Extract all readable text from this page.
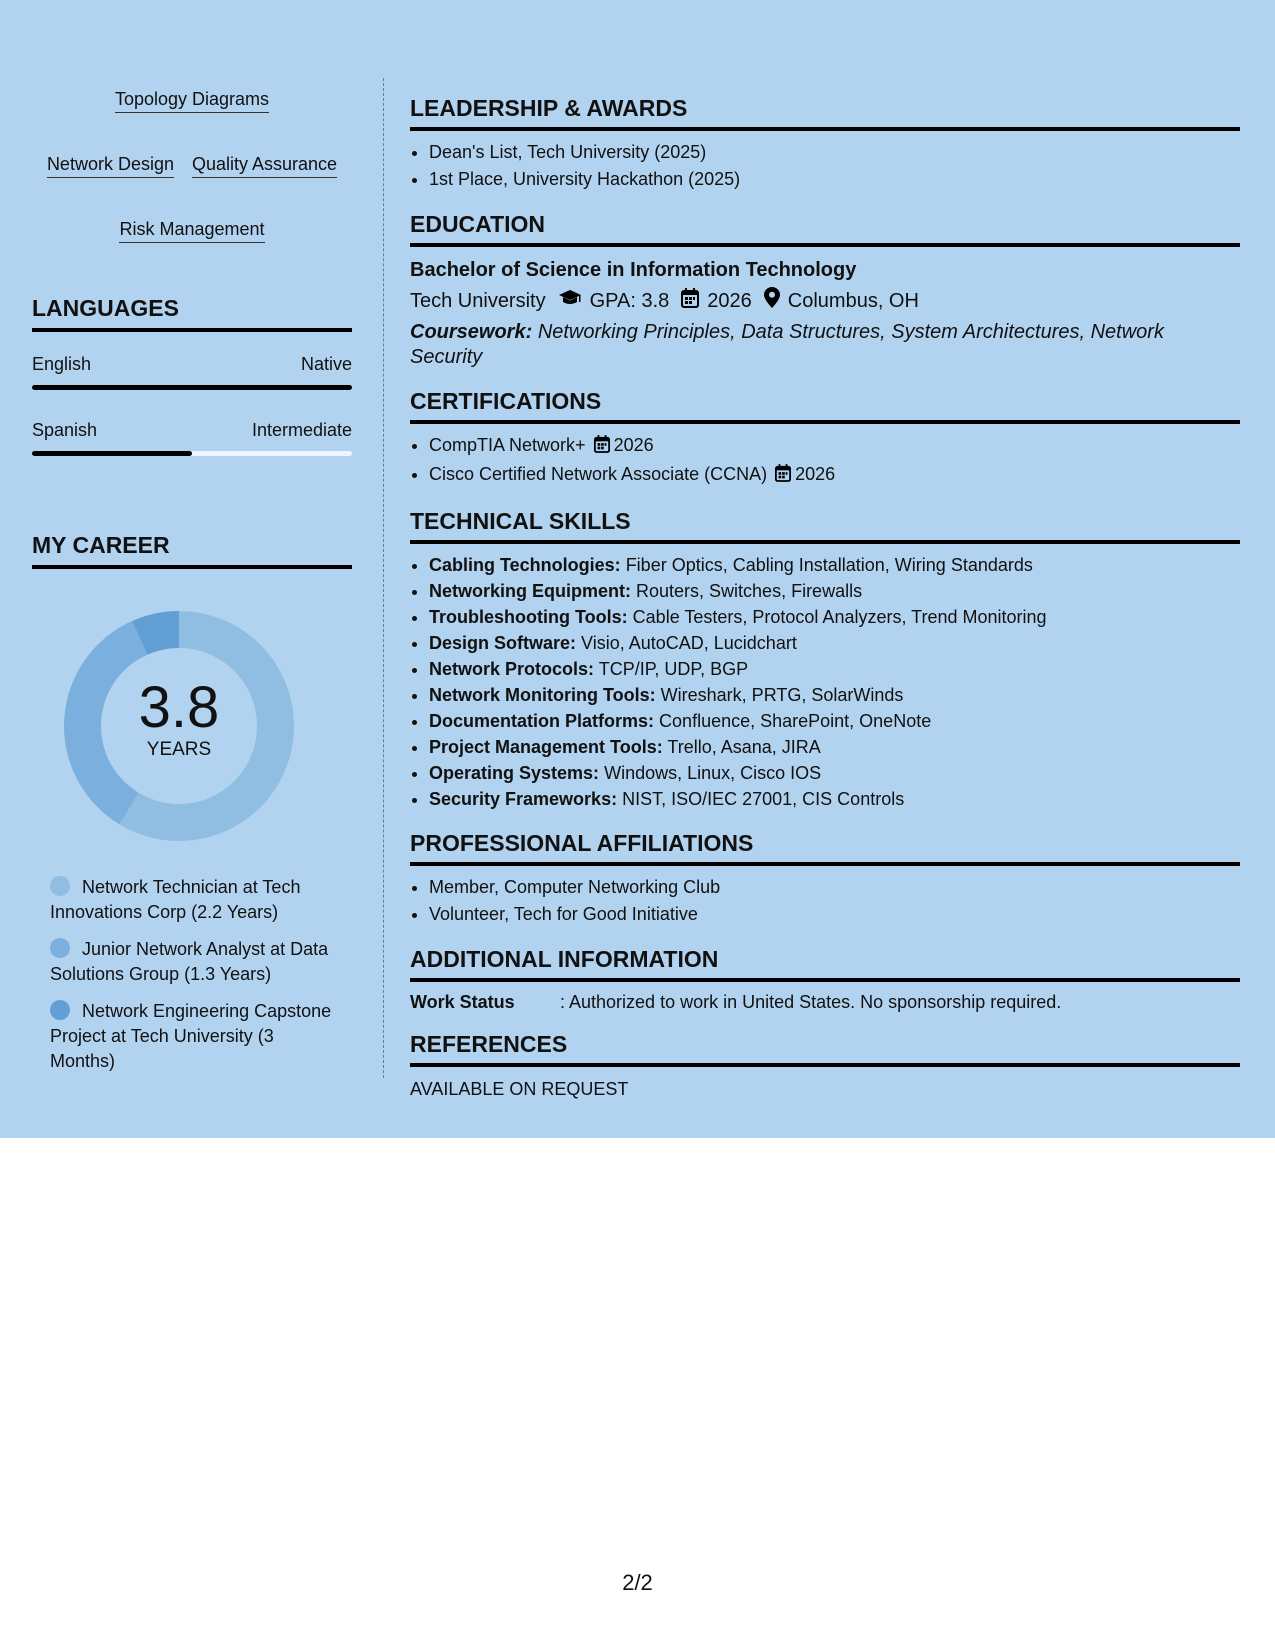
Topology Diagrams
Network Design Quality Assurance
Risk Management
LANGUAGES
English	Native
Spanish	Intermediate
MY CAREER
3.8
YEARS
Network Technician at Tech Innovations Corp (2.2 Years)
Junior Network Analyst at Data Solutions Group (1.3 Years)
Network Engineering Capstone Project at Tech University (3 Months)
LEADERSHIP & AWARDS
• Dean's List, Tech University (2025)
• 1st Place, University Hackathon (2025)
EDUCATION
Bachelor of Science in Information Technology
Tech University GPA: 3.8 2026 Columbus, OH
Coursework: Networking Principles, Data Structures, System Architectures, Network Security
CERTIFICATIONS
• CompTIA Network+ 2026
• Cisco Certified Network Associate (CCNA) 2026
TECHNICAL SKILLS
• Cabling Technologies: Fiber Optics, Cabling Installation, Wiring Standards
• Networking Equipment: Routers, Switches, Firewalls
• Troubleshooting Tools: Cable Testers, Protocol Analyzers, Trend Monitoring
• Design Software: Visio, AutoCAD, Lucidchart
• Network Protocols: TCP/IP, UDP, BGP
• Network Monitoring Tools: Wireshark, PRTG, SolarWinds
• Documentation Platforms: Confluence, SharePoint, OneNote
• Project Management Tools: Trello, Asana, JIRA
• Operating Systems: Windows, Linux, Cisco IOS
• Security Frameworks: NIST, ISO/IEC 27001, CIS Controls
PROFESSIONAL AFFILIATIONS
• Member, Computer Networking Club
• Volunteer, Tech for Good Initiative
ADDITIONAL INFORMATION
Work Status	: Authorized to work in United States. No sponsorship required.
REFERENCES
AVAILABLE ON REQUEST
2/2
